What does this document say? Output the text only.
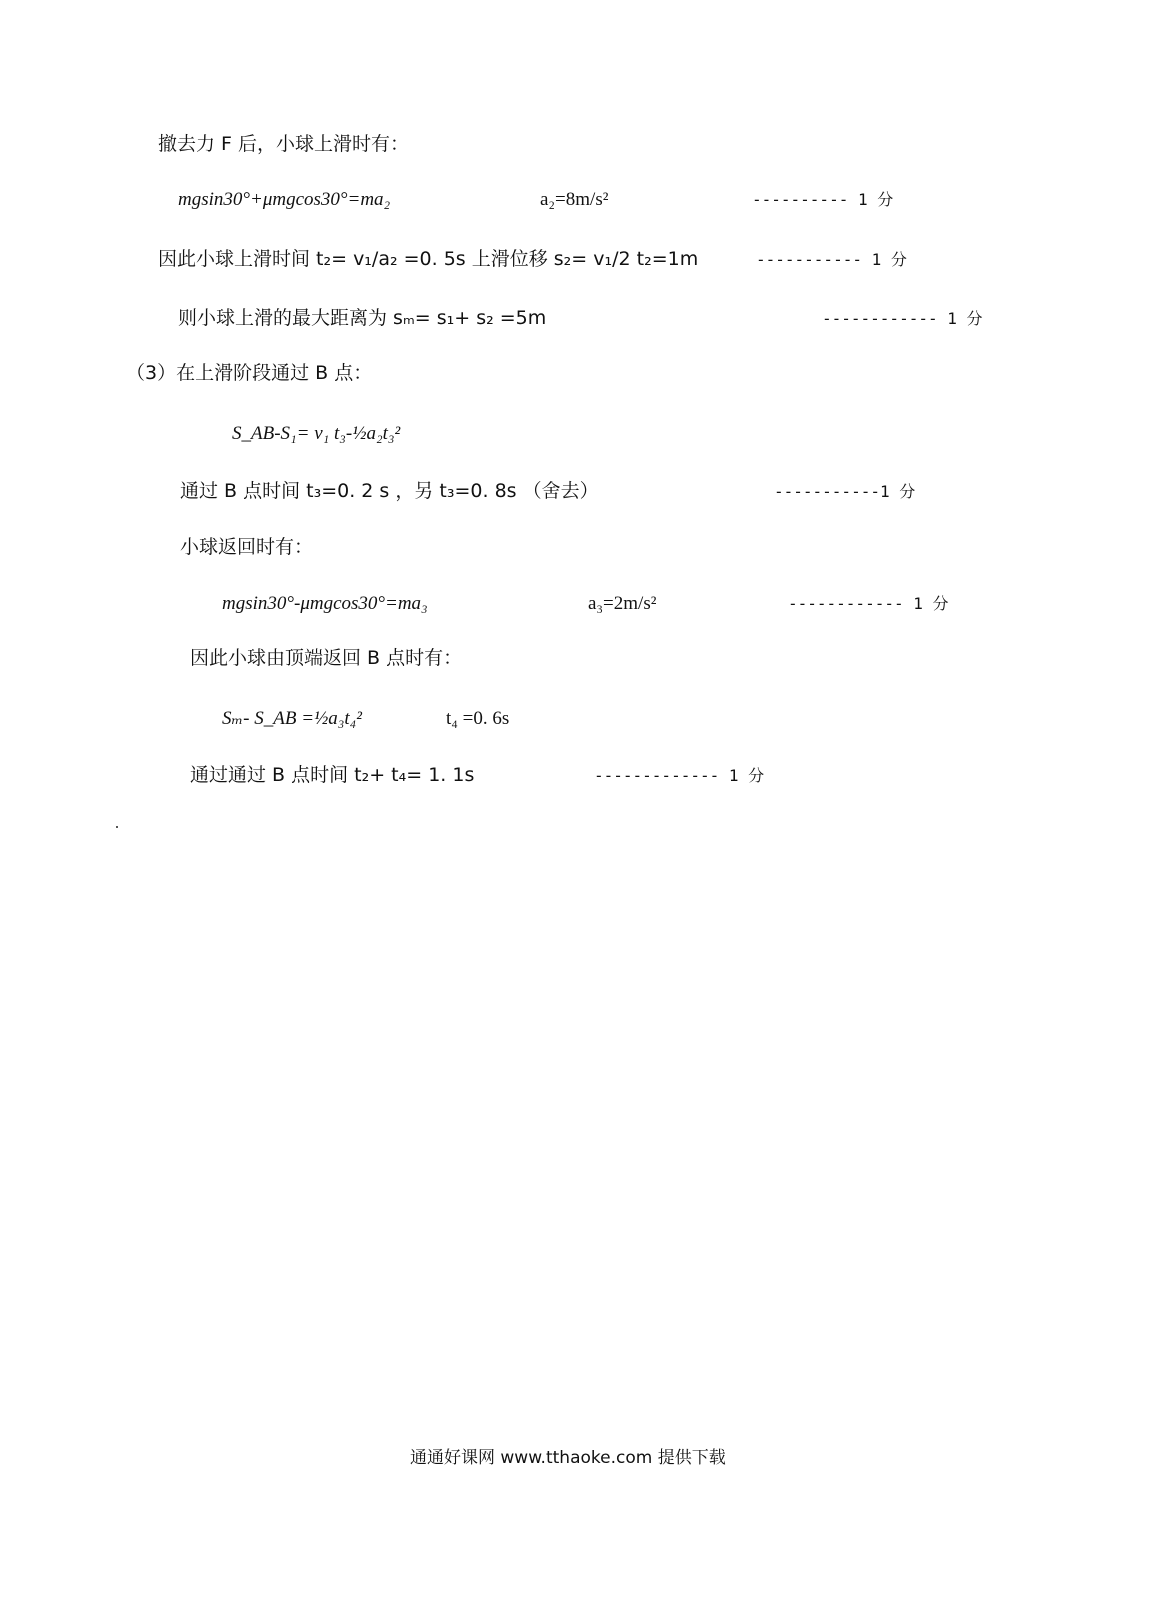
撤去力 F 后，小球上滑时有：
mgsin30°+μmgcos30°=ma₂	a₂=8m/s²	---------- 1 分
因此小球上滑时间 t₂= v₁/a₂ =0. 5s 上滑位移 s₂= v₁/2 t₂=1m	----------- 1 分
则小球上滑的最大距离为 sₘ= s₁+ s₂ =5m	------------ 1 分
（3）在上滑阶段通过 B 点：
S_AB-S₁= v₁ t₃-½a₂t₃²
通过 B 点时间 t₃=0. 2 s ，另 t₃=0. 8s （舍去）	-----------1 分
小球返回时有：
mgsin30°-μmgcos30°=ma₃	a₃=2m/s²	------------ 1 分
因此小球由顶端返回 B 点时有：
Sₘ- S_AB =½a₃t₄²	t₄ =0. 6s
通过通过 B 点时间 t₂+ t₄= 1. 1s	------------- 1 分
通通好课网 www.tthaoke.com 提供下载
